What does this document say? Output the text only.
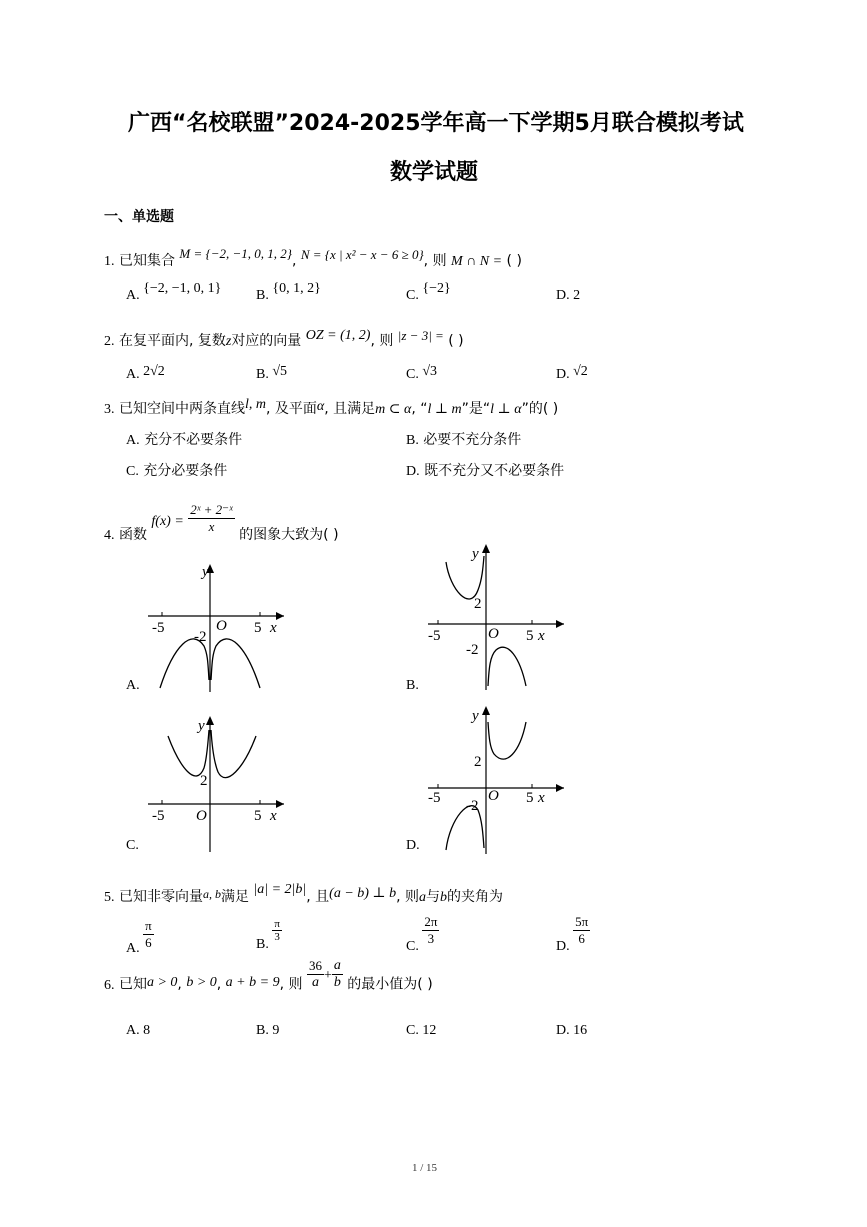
广西“名校联盟”2024-2025学年高一下学期5月联合模拟考试
数学试题
一、单选题
1. 已知集合 M = {−2, −1, 0, 1, 2}, N = {x | x² − x − 6 ≥ 0}, 则 M ∩ N = ( )
A. {−2, −1, 0, 1} B. {0, 1, 2}	C. {−2}	D. 2
2. 在复平面内, 复数z对应的向量 OZ = (1, 2), 则 |z − 3| = ( )
A. 2√2	B. √5	C. √3	D. √2
3. 已知空间中两条直线l, m, 及平面α, 且满足m ⊂ α, “l ⊥ m”是“l ⊥ α”的( )
A. 充分不必要条件	B. 必要不充分条件
C. 充分必要条件	D. 既不充分又不必要条件
4. 函数 $f(x) = \frac{\text{2ˣ + 2⁻ˣ}}{x}$ 的图象大致为( )
A.
y
x
O
-5	5
-2
B.
y
x
O
-5	5
2
-2
C.
y
x
O
-5	5
2
D.
y
x
O
-5	5
2
-2
5. 已知非零向量a, b满足 |a| = 2|b|, 且(a − b) ⊥ b, 则a与b的夹角为
A. $\frac{\pi}{6}$	B.
$\frac{\pi}{3}$
C. $\frac{2\pi}{3}$	D. $\frac{5\pi}{6}$
6. 已知a > 0, b > 0, a + b = 9, 则 $\frac{36}{a} + \frac{a}{b}$ 的最小值为( )
A. 8	B. 9	C. 12	D. 16
1 / 15
